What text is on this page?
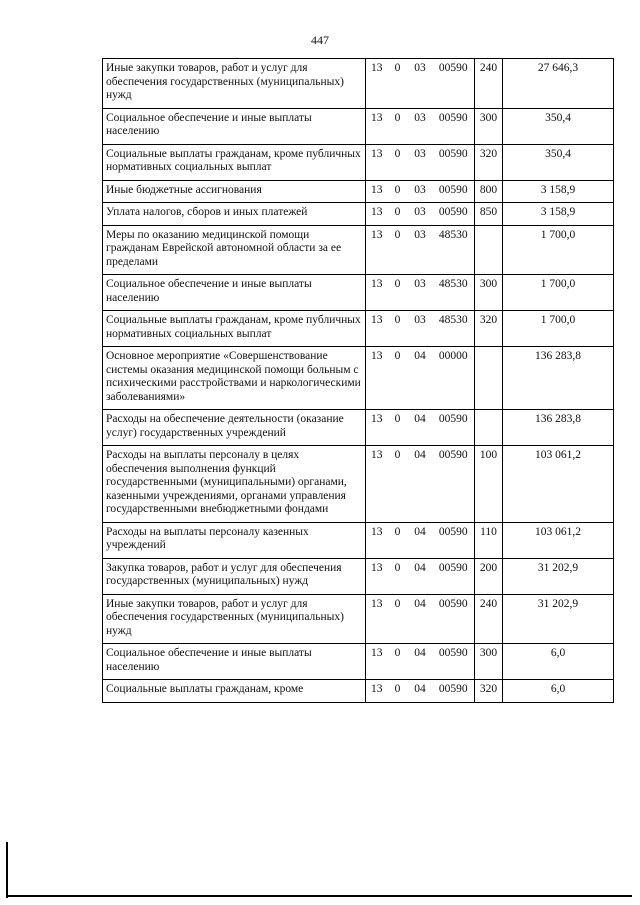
447
Иные закупки товаров, работ и услуг для обеспечения государственных (муниципальных) нужд	13	0	03	00590	240	27 646,3
Социальное обеспечение и иные выплаты населению	13	0	03	00590	300	350,4
Социальные выплаты гражданам, кроме публичных нормативных социальных выплат	13	0	03	00590	320	350,4
Иные бюджетные ассигнования	13	0	03	00590	800	3 158,9
Уплата налогов, сборов и иных платежей	13	0	03	00590	850	3 158,9
Меры по оказанию медицинской помощи гражданам Еврейской автономной области за ее пределами	13	0	03	48530		1 700,0
Социальное обеспечение и иные выплаты населению	13	0	03	48530	300	1 700,0
Социальные выплаты гражданам, кроме публичных нормативных социальных выплат	13	0	03	48530	320	1 700,0
Основное мероприятие «Совершенствование системы оказания медицинской помощи больным с психическими расстройствами и наркологическими заболеваниями»	13	0	04	00000		136 283,8
Расходы на обеспечение деятельности (оказание услуг) государственных учреждений	13	0	04	00590		136 283,8
Расходы на выплаты персоналу в целях обеспечения выполнения функций государственными (муниципальными) органами, казенными учреждениями, органами управления государственными внебюджетными фондами	13	0	04	00590	100	103 061,2
Расходы на выплаты персоналу казенных учреждений	13	0	04	00590	110	103 061,2
Закупка товаров, работ и услуг для обеспечения государственных (муниципальных) нужд	13	0	04	00590	200	31 202,9
Иные закупки товаров, работ и услуг для обеспечения государственных (муниципальных) нужд	13	0	04	00590	240	31 202,9
Социальное обеспечение и иные выплаты населению	13	0	04	00590	300	6,0
Социальные выплаты гражданам, кроме	13	0	04	00590	320	6,0
